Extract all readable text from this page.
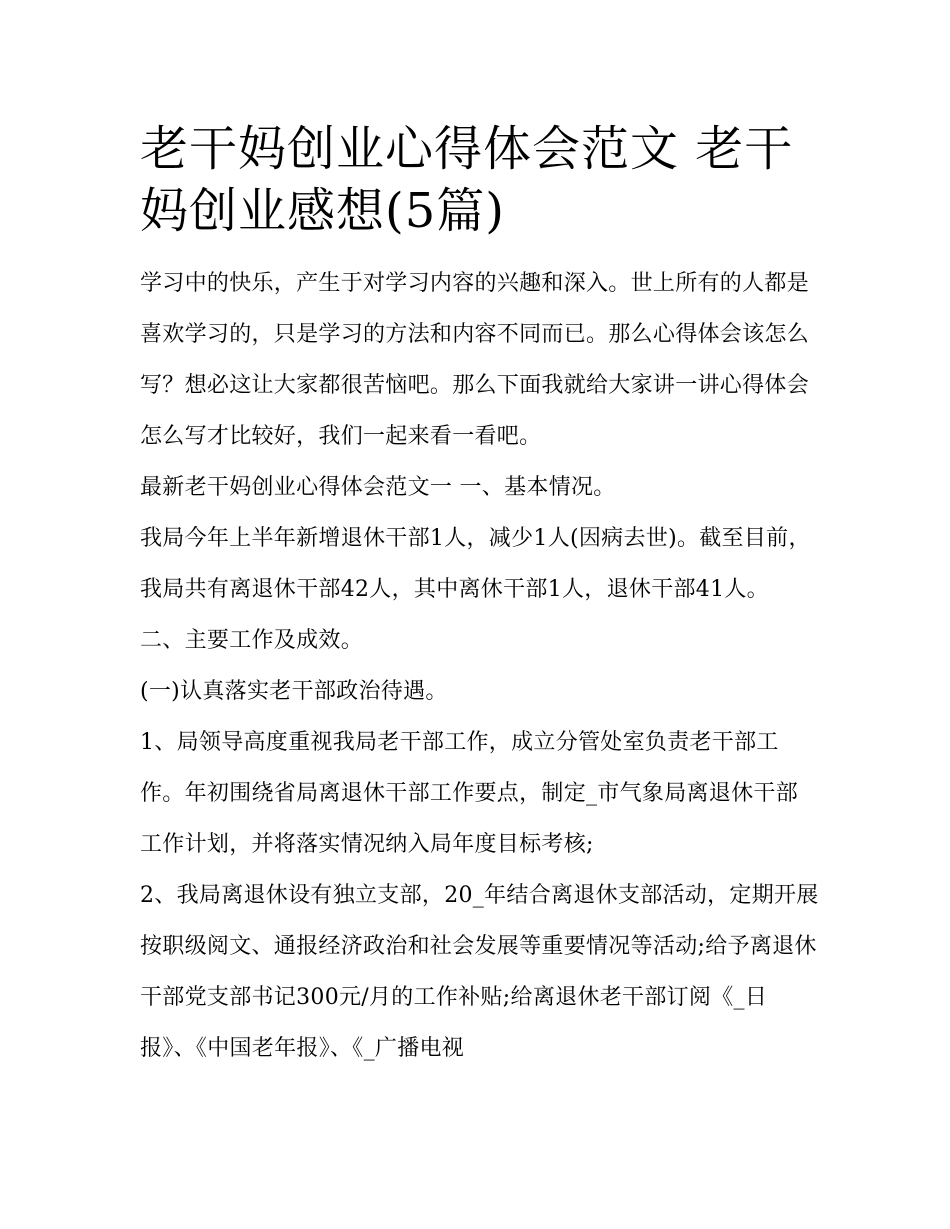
老干妈创业心得体会范文 老干妈创业感想(5篇)

学习中的快乐，产生于对学习内容的兴趣和深入。世上所有的人都是喜欢学习的，只是学习的方法和内容不同而已。那么心得体会该怎么写？想必这让大家都很苦恼吧。那么下面我就给大家讲一讲心得体会怎么写才比较好，我们一起来看一看吧。

最新老干妈创业心得体会范文一 一、基本情况。

我局今年上半年新增退休干部1人，减少1人(因病去世)。截至目前，我局共有离退休干部42人，其中离休干部1人，退休干部41人。 二、主要工作及成效。

(一)认真落实老干部政治待遇。

1、局领导高度重视我局老干部工作，成立分管处室负责老干部工作。年初围绕省局离退休干部工作要点，制定_市气象局离退休干部工作计划，并将落实情况纳入局年度目标考核;

2、我局离退休设有独立支部，20_年结合离退休支部活动，定期开展按职级阅文、通报经济政治和社会发展等重要情况等活动;给予离退休干部党支部书记300元/月的工作补贴;给离退休老干部订阅《_日报》、《中国老年报》、《_广播电视
